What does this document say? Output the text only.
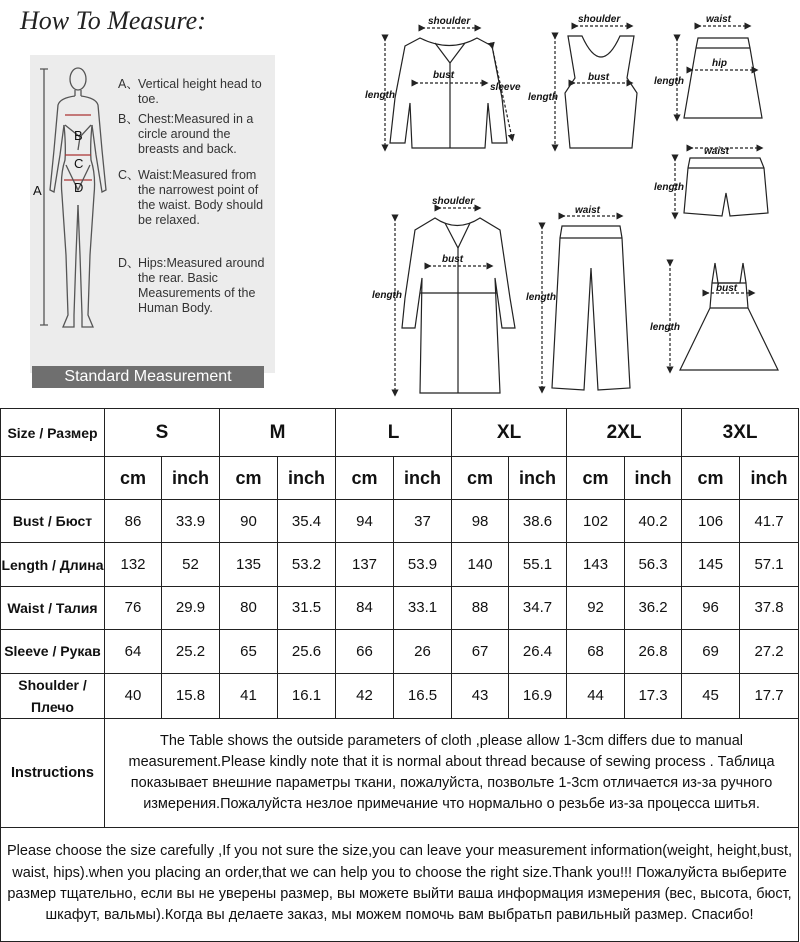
How To Measure:
A
B
C
D
A、 Vertical height head to toe.
B、 Chest:Measured in a circle around the breasts and back.
C、
Waist:Measured from the narrowest point of the waist. Body should be relaxed.
D、
Hips:Measured around the rear. Basic Measurements of the Human Body.
Standard Measurement
shoulder
bust
sleeve
length
shoulder
bust
length
waist
hip
length
waist
length
shoulder
bust
length
waist
length
bust
length
Size / Размер	S		M		L		XL		2XL		3XL	
	cm	inch	cm	inch	cm	inch	cm	inch	cm	inch	cm	inch
Bust / Бюст	86	33.9	90	35.4	94	37	98	38.6	102	40.2	106	41.7
Length / Длина	132	52	135	53.2	137	53.9	140	55.1	143	56.3	145	57.1
Waist / Талия	76	29.9	80	31.5	84	33.1	88	34.7	92	36.2	96	37.8
Sleeve / Рукав	64	25.2	65	25.6	66	26	67	26.4	68	26.8	69	27.2
Shoulder / Плечо	40	15.8	41	16.1	42	16.5	43	16.9	44	17.3	45	17.7
Instructions	The Table shows the outside parameters of cloth ,please allow 1-3cm differs due to manual measurement.Please kindly note that it is normal about thread because of sewing process . Таблица показывает внешние параметры ткани, пожалуйста, позвольте 1-3cm отличается из-за ручного измерения.Пожалуйста незлое примечание что нормально о резьбе из-за процесса шитья.											
Please choose the size carefully ,If you not sure the size,you can leave your measurement information(weight, height,bust, waist, hips).when you placing an order,that we can help you to choose the right size.Thank you!!! Пожалуйста выберите размер тщательно, если вы не уверены размер, вы можете выйти ваша информация измерения (вес, высота, бюст, шкафут, вальмы).Когда вы делаете заказ, мы можем помочь вам выбратьп равильный размер. Спасибо!												
